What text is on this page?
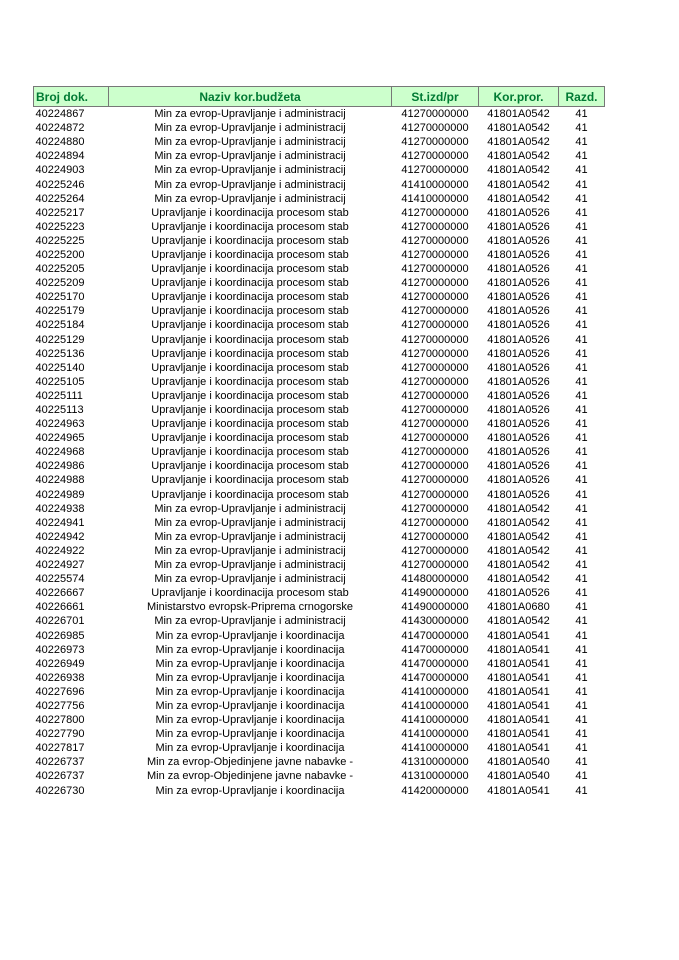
Broj dok.	Naziv kor.budžeta	St.izd/pr	Kor.pror.	Razd.
40224867	Min za evrop-Upravljanje i administracij	41270000000	41801A0542	41
40224872	Min za evrop-Upravljanje i administracij	41270000000	41801A0542	41
40224880	Min za evrop-Upravljanje i administracij	41270000000	41801A0542	41
40224894	Min za evrop-Upravljanje i administracij	41270000000	41801A0542	41
40224903	Min za evrop-Upravljanje i administracij	41270000000	41801A0542	41
40225246	Min za evrop-Upravljanje i administracij	41410000000	41801A0542	41
40225264	Min za evrop-Upravljanje i administracij	41410000000	41801A0542	41
40225217	Upravljanje i koordinacija procesom stab	41270000000	41801A0526	41
40225223	Upravljanje i koordinacija procesom stab	41270000000	41801A0526	41
40225225	Upravljanje i koordinacija procesom stab	41270000000	41801A0526	41
40225200	Upravljanje i koordinacija procesom stab	41270000000	41801A0526	41
40225205	Upravljanje i koordinacija procesom stab	41270000000	41801A0526	41
40225209	Upravljanje i koordinacija procesom stab	41270000000	41801A0526	41
40225170	Upravljanje i koordinacija procesom stab	41270000000	41801A0526	41
40225179	Upravljanje i koordinacija procesom stab	41270000000	41801A0526	41
40225184	Upravljanje i koordinacija procesom stab	41270000000	41801A0526	41
40225129	Upravljanje i koordinacija procesom stab	41270000000	41801A0526	41
40225136	Upravljanje i koordinacija procesom stab	41270000000	41801A0526	41
40225140	Upravljanje i koordinacija procesom stab	41270000000	41801A0526	41
40225105	Upravljanje i koordinacija procesom stab	41270000000	41801A0526	41
40225111	Upravljanje i koordinacija procesom stab	41270000000	41801A0526	41
40225113	Upravljanje i koordinacija procesom stab	41270000000	41801A0526	41
40224963	Upravljanje i koordinacija procesom stab	41270000000	41801A0526	41
40224965	Upravljanje i koordinacija procesom stab	41270000000	41801A0526	41
40224968	Upravljanje i koordinacija procesom stab	41270000000	41801A0526	41
40224986	Upravljanje i koordinacija procesom stab	41270000000	41801A0526	41
40224988	Upravljanje i koordinacija procesom stab	41270000000	41801A0526	41
40224989	Upravljanje i koordinacija procesom stab	41270000000	41801A0526	41
40224938	Min za evrop-Upravljanje i administracij	41270000000	41801A0542	41
40224941	Min za evrop-Upravljanje i administracij	41270000000	41801A0542	41
40224942	Min za evrop-Upravljanje i administracij	41270000000	41801A0542	41
40224922	Min za evrop-Upravljanje i administracij	41270000000	41801A0542	41
40224927	Min za evrop-Upravljanje i administracij	41270000000	41801A0542	41
40225574	Min za evrop-Upravljanje i administracij	41480000000	41801A0542	41
40226667	Upravljanje i koordinacija procesom stab	41490000000	41801A0526	41
40226661	Ministarstvo evropsk-Priprema crnogorske	41490000000	41801A0680	41
40226701	Min za evrop-Upravljanje i administracij	41430000000	41801A0542	41
40226985	Min za evrop-Upravljanje i koordinacija	41470000000	41801A0541	41
40226973	Min za evrop-Upravljanje i koordinacija	41470000000	41801A0541	41
40226949	Min za evrop-Upravljanje i koordinacija	41470000000	41801A0541	41
40226938	Min za evrop-Upravljanje i koordinacija	41470000000	41801A0541	41
40227696	Min za evrop-Upravljanje i koordinacija	41410000000	41801A0541	41
40227756	Min za evrop-Upravljanje i koordinacija	41410000000	41801A0541	41
40227800	Min za evrop-Upravljanje i koordinacija	41410000000	41801A0541	41
40227790	Min za evrop-Upravljanje i koordinacija	41410000000	41801A0541	41
40227817	Min za evrop-Upravljanje i koordinacija	41410000000	41801A0541	41
40226737	Min za evrop-Objedinjene javne nabavke -	41310000000	41801A0540	41
40226737	Min za evrop-Objedinjene javne nabavke -	41310000000	41801A0540	41
40226730	Min za evrop-Upravljanje i koordinacija	41420000000	41801A0541	41
